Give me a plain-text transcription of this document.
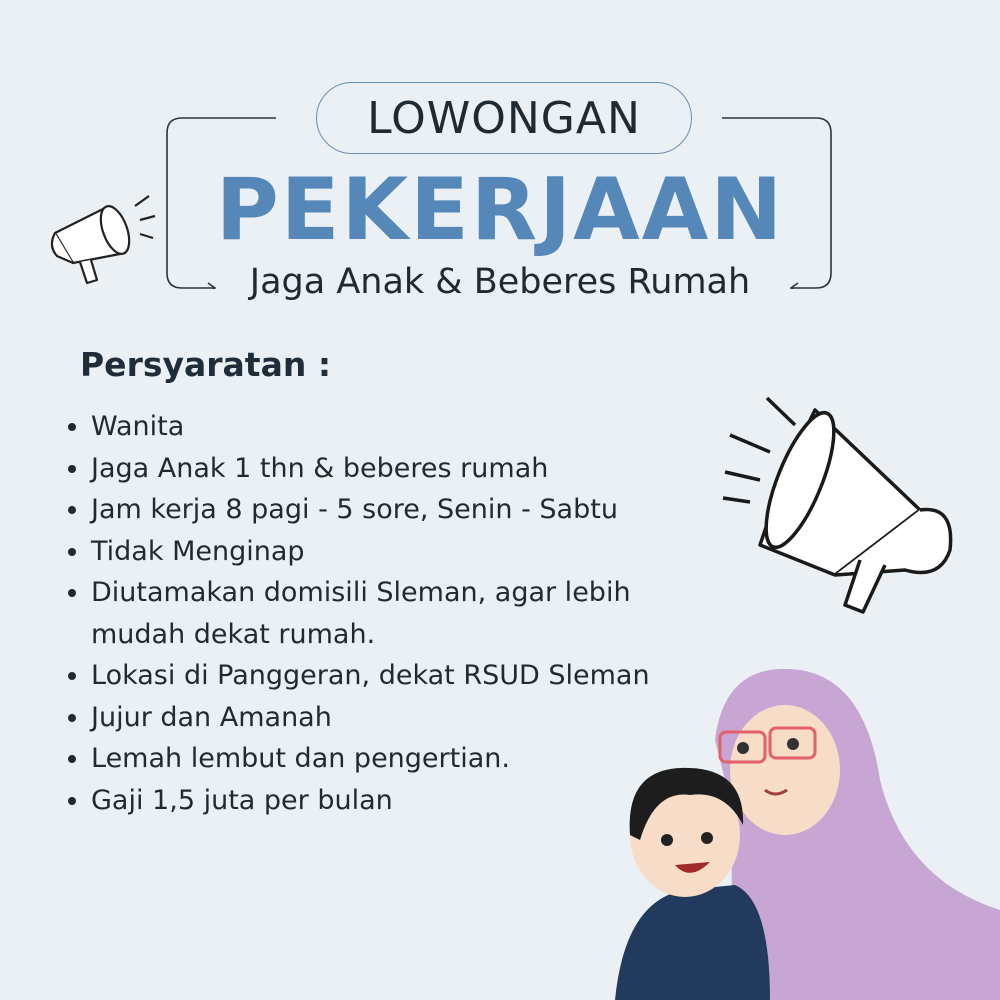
LOWONGAN
PEKERJAAN
Jaga Anak & Beberes Rumah
Persyaratan :
Wanita
Jaga Anak 1 thn & beberes rumah
Jam kerja 8 pagi - 5 sore, Senin - Sabtu
Tidak Menginap
Diutamakan domisili Sleman, agar lebih mudah dekat rumah.
Lokasi di Panggeran, dekat RSUD Sleman
Jujur dan Amanah
Lemah lembut dan pengertian.
Gaji 1,5 juta per bulan
